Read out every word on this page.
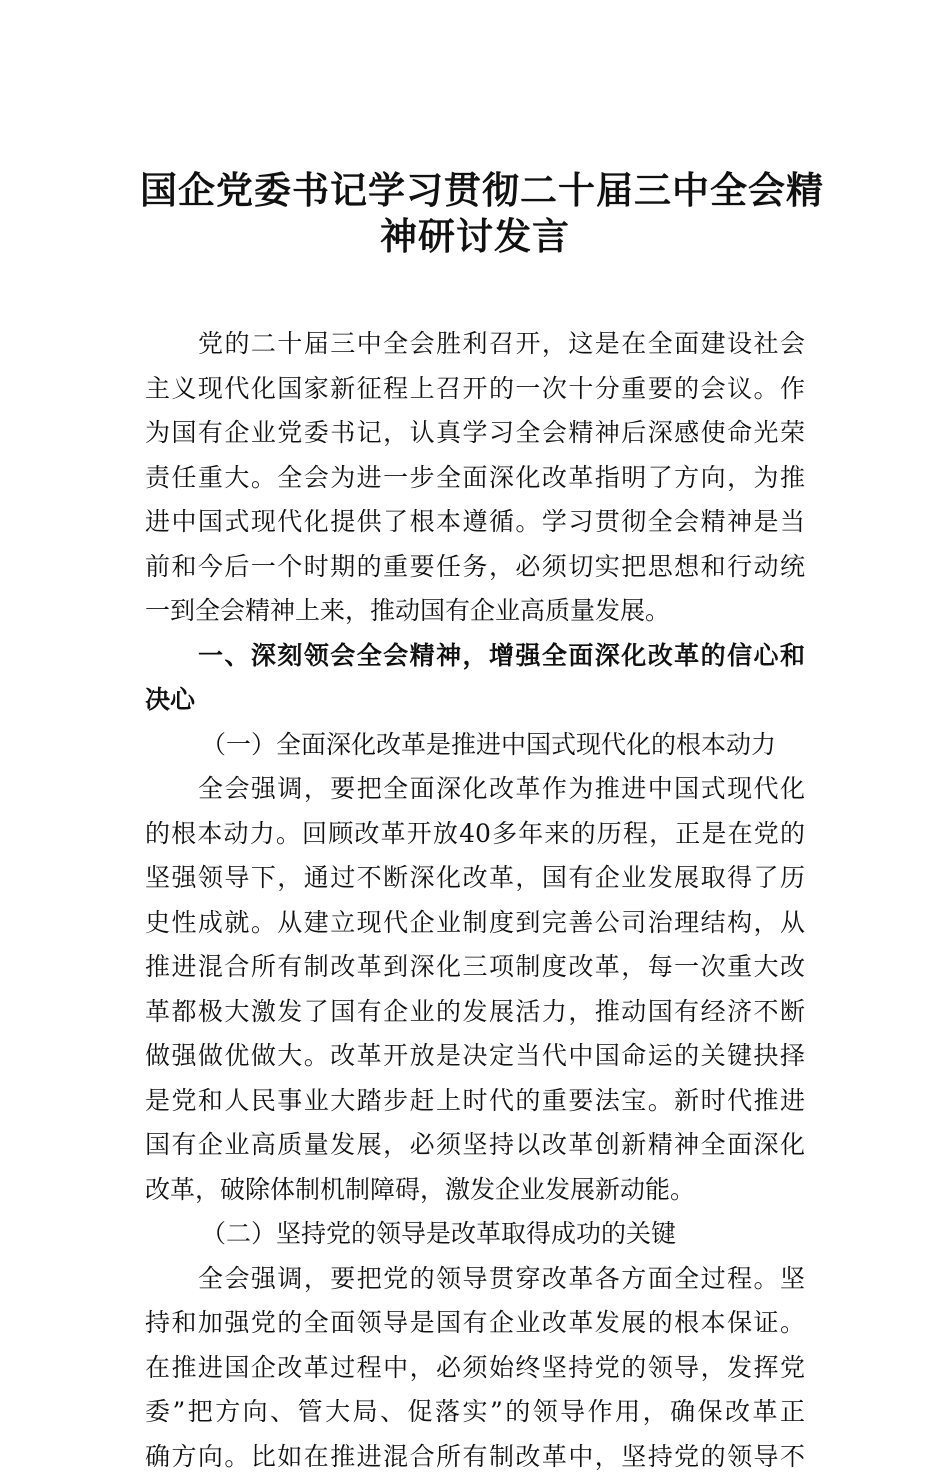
国企党委书记学习贯彻二十届三中全会精
神研讨发言
党的二十届三中全会胜利召开，这是在全面建设社会
主义现代化国家新征程上召开的一次十分重要的会议。作
为国有企业党委书记，认真学习全会精神后深感使命光荣
责任重大。全会为进一步全面深化改革指明了方向，为推
进中国式现代化提供了根本遵循。学习贯彻全会精神是当
前和今后一个时期的重要任务，必须切实把思想和行动统
一到全会精神上来，推动国有企业高质量发展。
一、深刻领会全会精神，增强全面深化改革的信心和
决心
（一）全面深化改革是推进中国式现代化的根本动力
全会强调，要把全面深化改革作为推进中国式现代化
的根本动力。回顾改革开放40多年来的历程，正是在党的
坚强领导下，通过不断深化改革，国有企业发展取得了历
史性成就。从建立现代企业制度到完善公司治理结构，从
推进混合所有制改革到深化三项制度改革，每一次重大改
革都极大激发了国有企业的发展活力，推动国有经济不断
做强做优做大。改革开放是决定当代中国命运的关键抉择
是党和人民事业大踏步赶上时代的重要法宝。新时代推进
国有企业高质量发展，必须坚持以改革创新精神全面深化
改革，破除体制机制障碍，激发企业发展新动能。
（二）坚持党的领导是改革取得成功的关键
全会强调，要把党的领导贯穿改革各方面全过程。坚
持和加强党的全面领导是国有企业改革发展的根本保证。
在推进国企改革过程中，必须始终坚持党的领导，发挥党
委”把方向、管大局、促落实”的领导作用，确保改革正
确方向。比如在推进混合所有制改革中，坚持党的领导不
